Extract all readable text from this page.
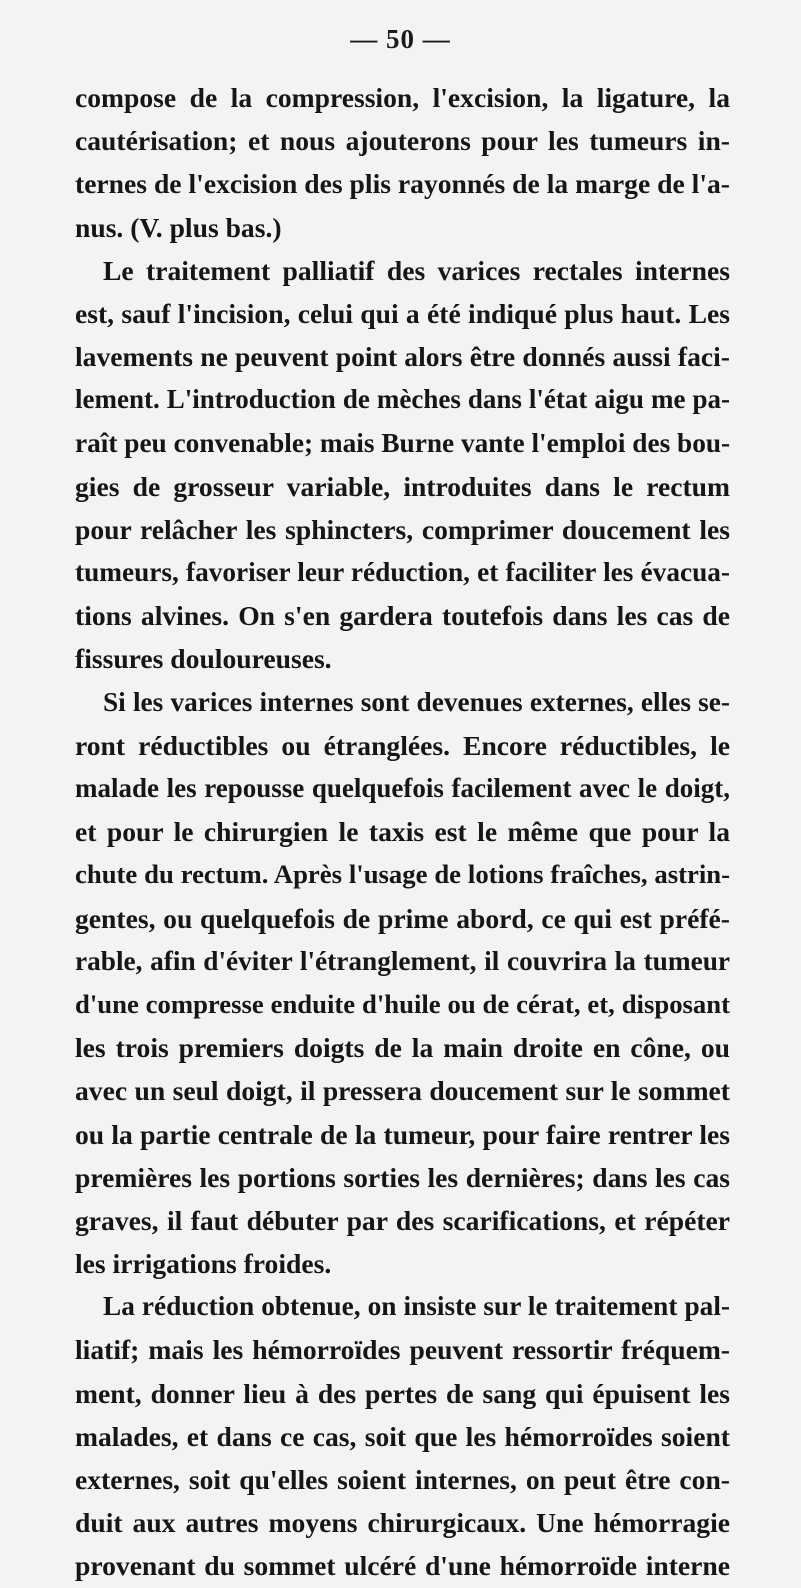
— 50 —
compose de la compression, l'excision, la ligature, la
cautérisation; et nous ajouterons pour les tumeurs in-
ternes de l'excision des plis rayonnés de la marge de l'a-
nus. (V. plus bas.)
Le traitement palliatif des varices rectales internes
est, sauf l'incision, celui qui a été indiqué plus haut. Les
lavements ne peuvent point alors être donnés aussi faci-
lement. L'introduction de mèches dans l'état aigu me pa-
raît peu convenable; mais Burne vante l'emploi des bou-
gies de grosseur variable, introduites dans le rectum
pour relâcher les sphincters, comprimer doucement les
tumeurs, favoriser leur réduction, et faciliter les évacua-
tions alvines. On s'en gardera toutefois dans les cas de
fissures douloureuses.
Si les varices internes sont devenues externes, elles se-
ront réductibles ou étranglées. Encore réductibles, le
malade les repousse quelquefois facilement avec le doigt,
et pour le chirurgien le taxis est le même que pour la
chute du rectum. Après l'usage de lotions fraîches, astrin-
gentes, ou quelquefois de prime abord, ce qui est préfé-
rable, afin d'éviter l'étranglement, il couvrira la tumeur
d'une compresse enduite d'huile ou de cérat, et, disposant
les trois premiers doigts de la main droite en cône, ou
avec un seul doigt, il pressera doucement sur le sommet
ou la partie centrale de la tumeur, pour faire rentrer les
premières les portions sorties les dernières; dans les cas
graves, il faut débuter par des scarifications, et répéter
les irrigations froides.
La réduction obtenue, on insiste sur le traitement pal-
liatif; mais les hémorroïdes peuvent ressortir fréquem-
ment, donner lieu à des pertes de sang qui épuisent les
malades, et dans ce cas, soit que les hémorroïdes soient
externes, soit qu'elles soient internes, on peut être con-
duit aux autres moyens chirurgicaux. Une hémorragie
provenant du sommet ulcéré d'une hémorroïde interne
